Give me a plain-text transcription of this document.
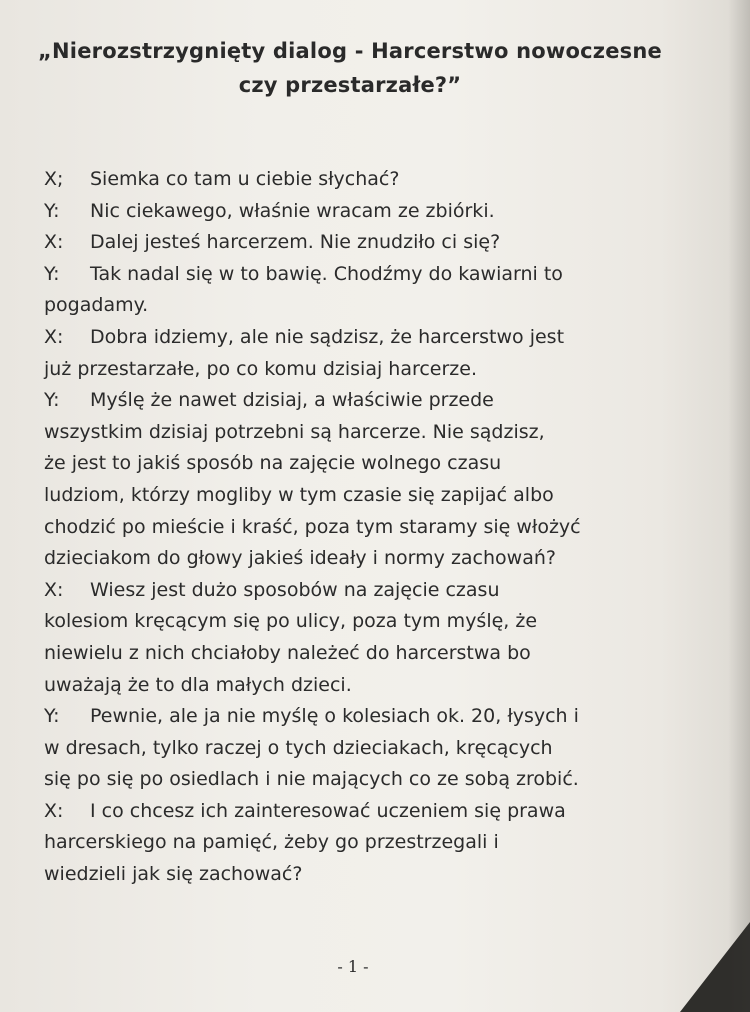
„Nierozstrzygnięty dialog - Harcerstwo nowoczesne
czy przestarzałe?”
X; Siemka co tam u ciebie słychać?
Y: Nic ciekawego, właśnie wracam ze zbiórki.
X: Dalej jesteś harcerzem. Nie znudziło ci się?
Y: Tak nadal się w to bawię. Chodźmy do kawiarni to
pogadamy.
X: Dobra idziemy, ale nie sądzisz, że harcerstwo jest
już przestarzałe, po co komu dzisiaj harcerze.
Y: Myślę że nawet dzisiaj, a właściwie przede
wszystkim dzisiaj potrzebni są harcerze. Nie sądzisz,
że jest to jakiś sposób na zajęcie wolnego czasu
ludziom, którzy mogliby w tym czasie się zapijać albo
chodzić po mieście i kraść, poza tym staramy się włożyć
dzieciakom do głowy jakieś ideały i normy zachowań?
X: Wiesz jest dużo sposobów na zajęcie czasu
kolesiom kręcącym się po ulicy, poza tym myślę, że
niewielu z nich chciałoby należeć do harcerstwa bo
uważają że to dla małych dzieci.
Y: Pewnie, ale ja nie myślę o kolesiach ok. 20, łysych i
w dresach, tylko raczej o tych dzieciakach, kręcących
się po się po osiedlach i nie mających co ze sobą zrobić.
X: I co chcesz ich zainteresować uczeniem się prawa
harcerskiego na pamięć, żeby go przestrzegali i
wiedzieli jak się zachować?
- 1 -
